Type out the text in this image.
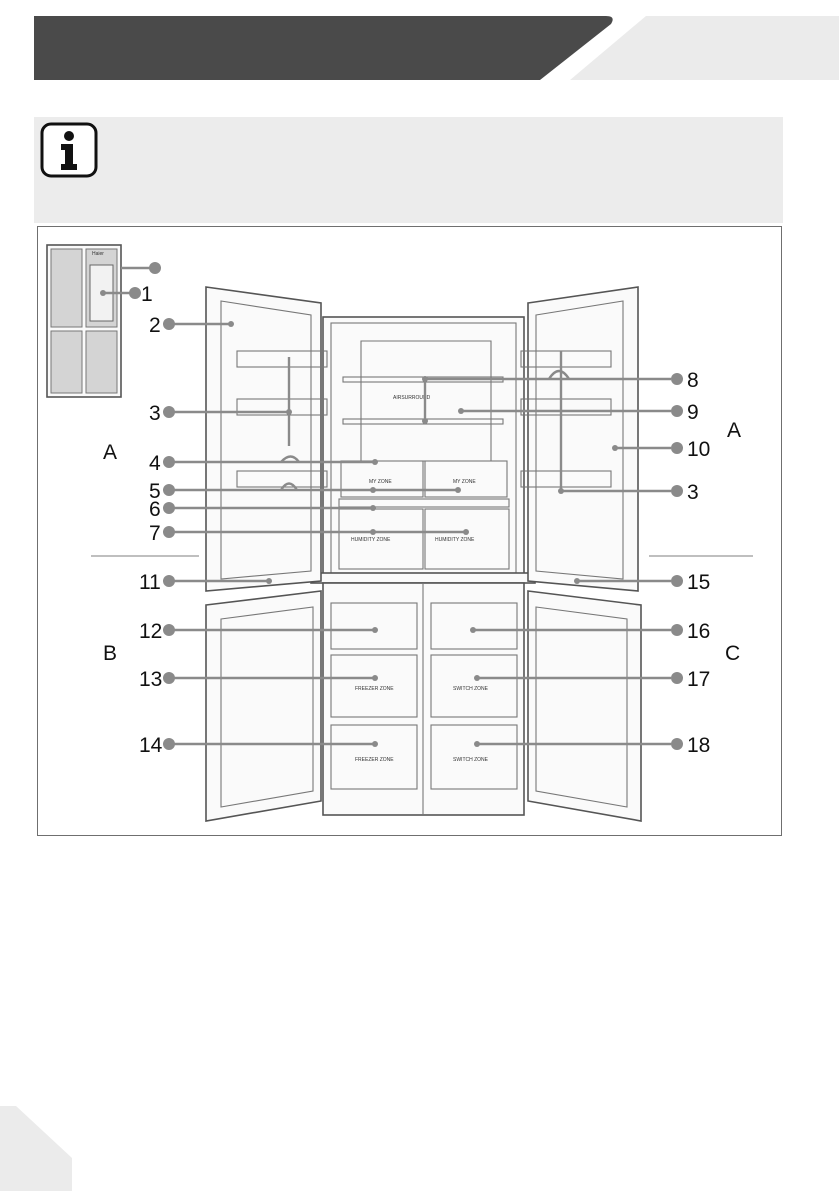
Haier
MY ZONE	MY ZONE
HUMIDITY ZONE	HUMIDITY ZONE
FREEZER ZONE
FREEZER ZONE
SWITCH ZONE
SWITCH ZONE
AIRSURROUND
1
2
3
4
5
6
7
8
9
10
3
11
12
13
14
15
16
17
18
A
A
B	C
